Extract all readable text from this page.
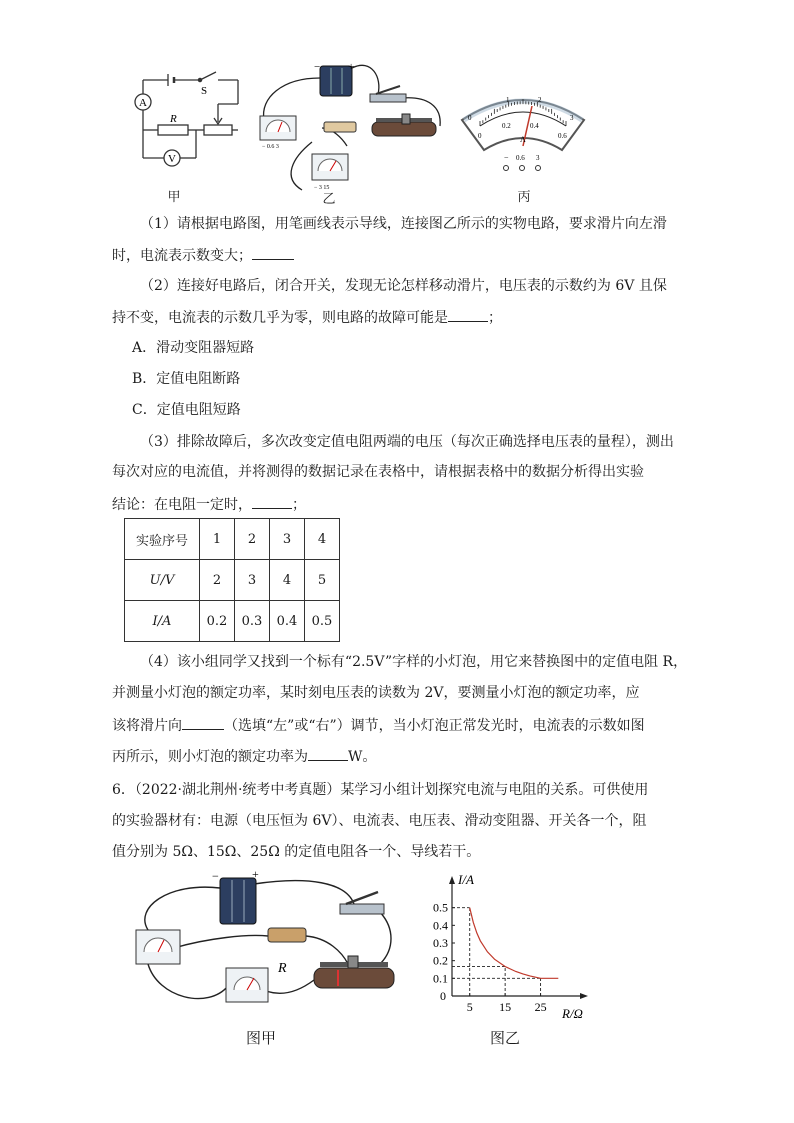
A
V
S
R
甲
−	+
− 0.6 3
− 3 15
乙
0
1	2
3
0
0.2	0.4
0.6
A
− 0.6 3
丙
（1）请根据电路图，用笔画线表示导线，连接图乙所示的实物电路，要求滑片向左滑
时，电流表示数变大；
（2）连接好电路后，闭合开关，发现无论怎样移动滑片，电压表的示数约为 6V 且保
持不变，电流表的示数几乎为零，则电路的故障可能是	；
A．滑动变阻器短路
B．定值电阻断路
C．定值电阻短路
（3）排除故障后，多次改变定值电阻两端的电压（每次正确选择电压表的量程），测出
每次对应的电流值，并将测得的数据记录在表格中，请根据表格中的数据分析得出实验
结论：在电阻一定时，	；
实验序号	1	2	3	4
U/V	2	3	4	5
I/A	0.2	0.3	0.4	0.5
（4）该小组同学又找到一个标有“2.5V”字样的小灯泡，用它来替换图中的定值电阻 R，
并测量小灯泡的额定功率，某时刻电压表的读数为 2V，要测量小灯泡的额定功率，应
该将滑片向	（选填“左”或“右”）调节，当小灯泡正常发光时，电流表的示数如图
丙所示，则小灯泡的额定功率为	W。
6．（2022·湖北荆州·统考中考真题）某学习小组计划探究电流与电阻的关系。可供使用
的实验器材有：电源（电压恒为 6V）、电流表、电压表、滑动变阻器、开关各一个，阻
值分别为 5Ω、15Ω、25Ω 的定值电阻各一个、导线若干。
−	+
R
图甲
5 15 25
0.1
0.2
0.3
0.4
0.5
I/A
R/Ω
0
图乙
